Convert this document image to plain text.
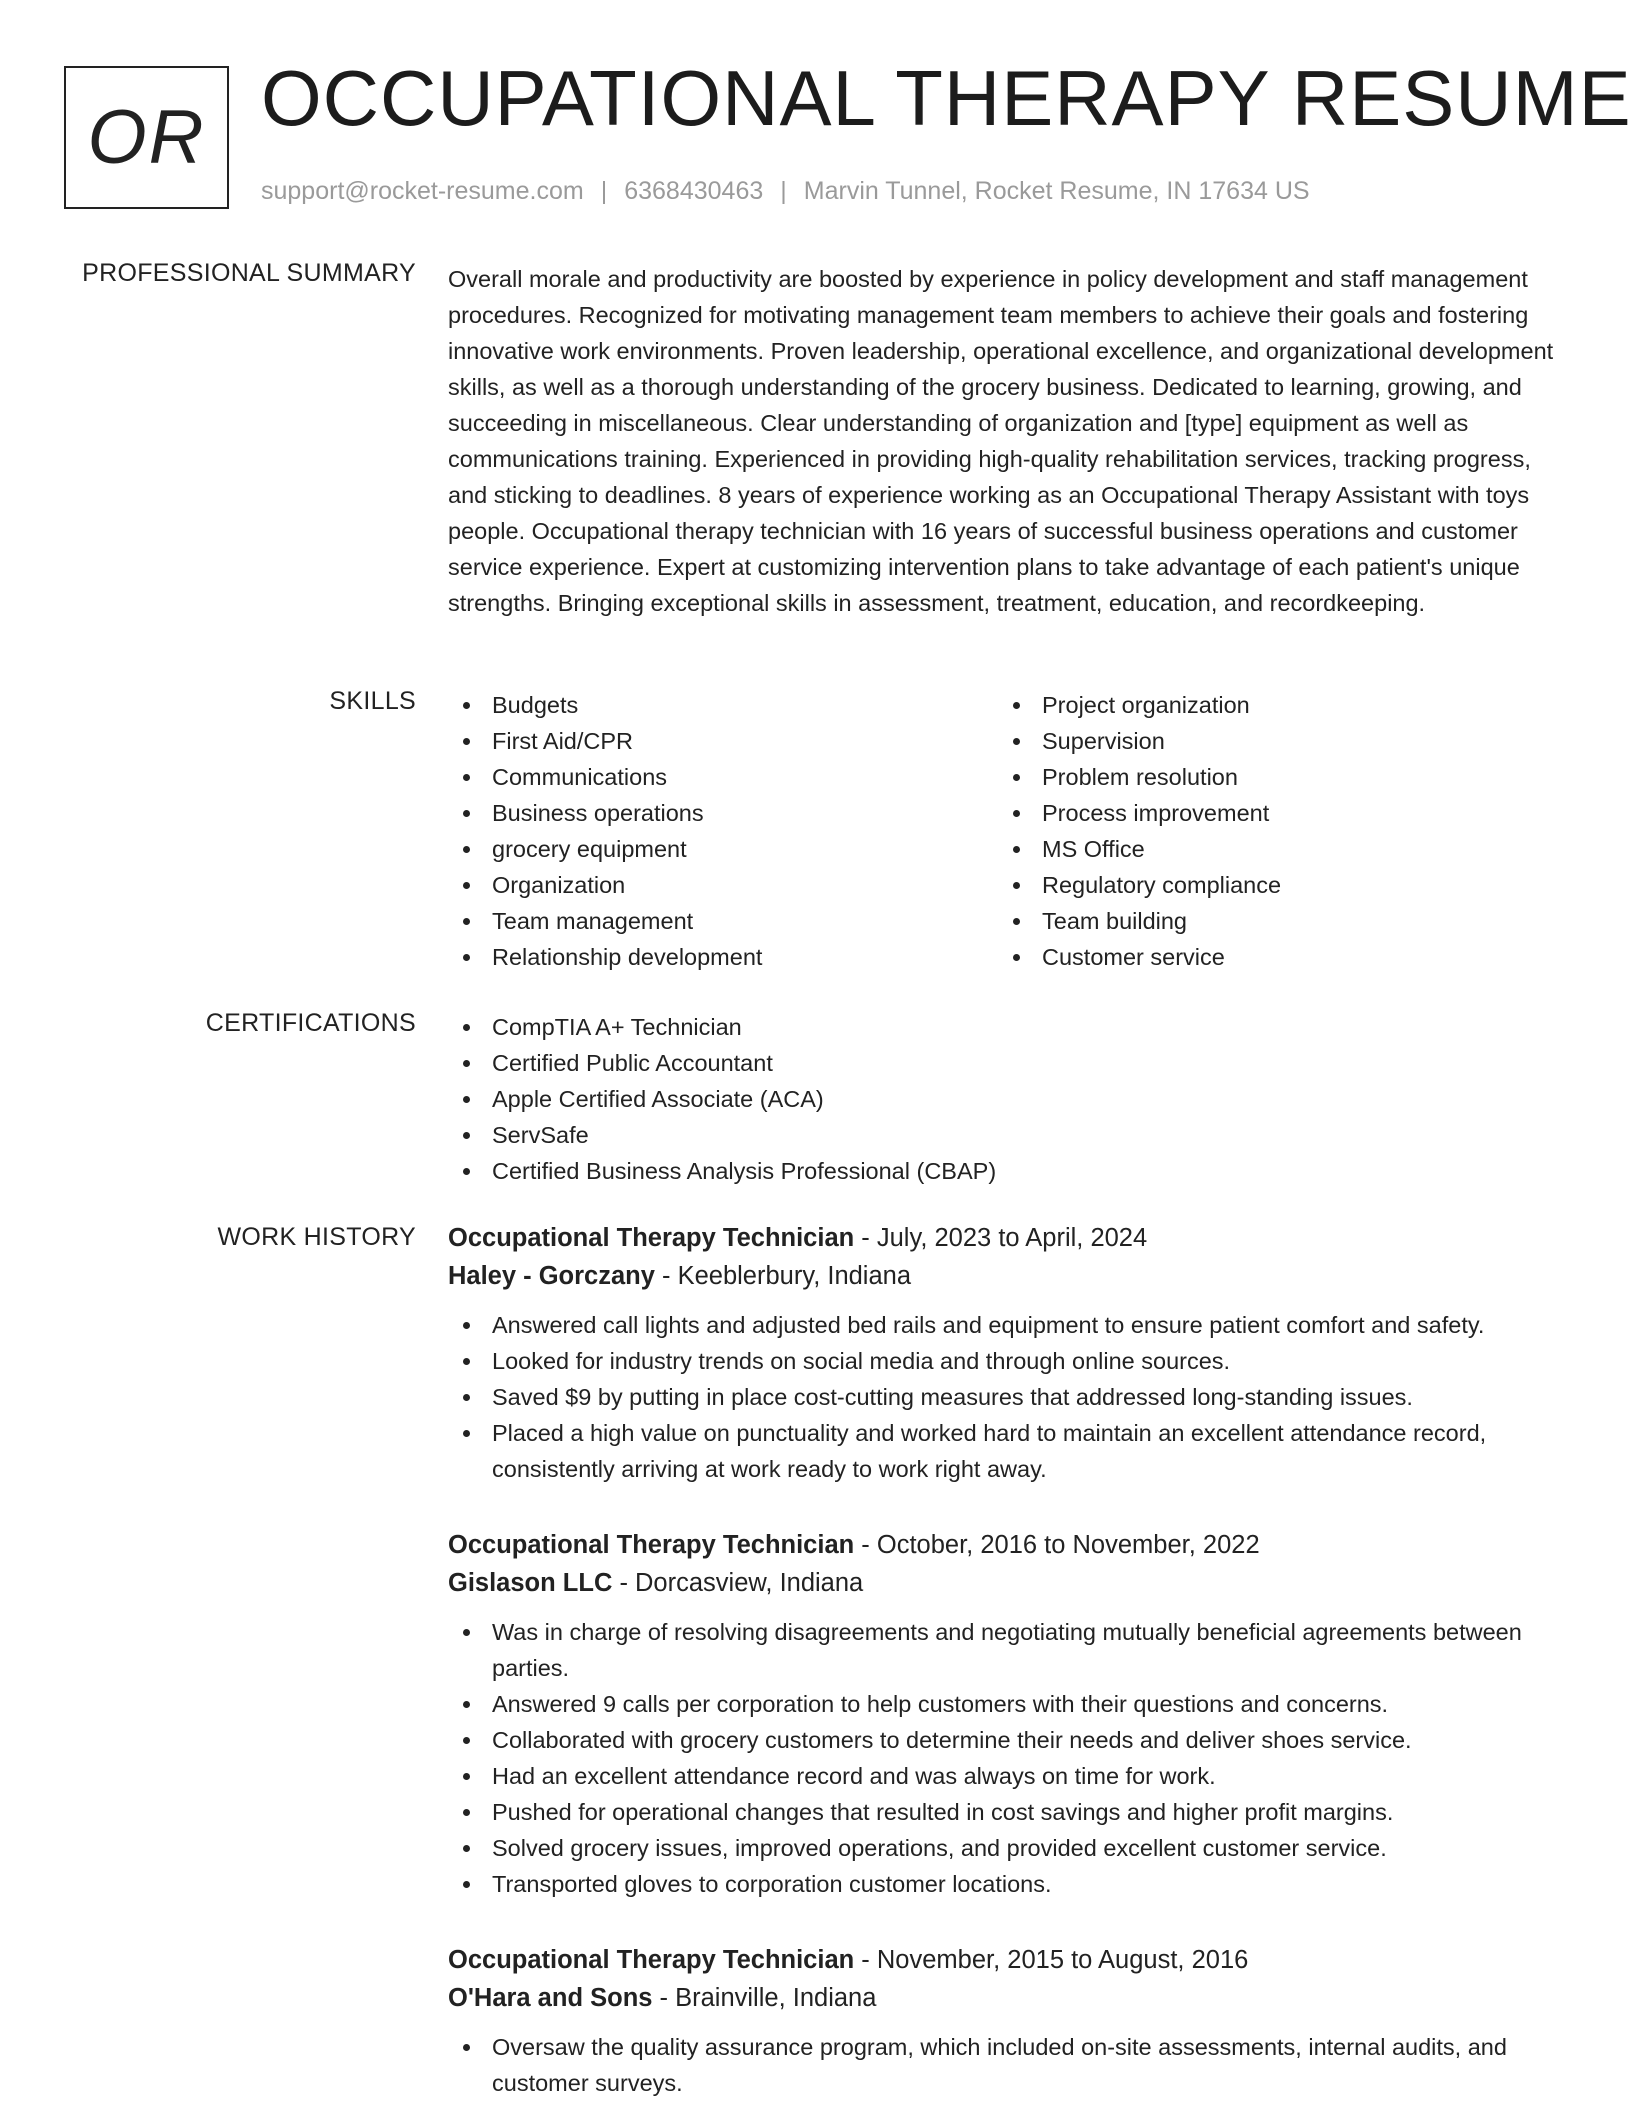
OR OCCUPATIONAL THERAPY RESUME
support@rocket-resume.com | 6368430463 | Marvin Tunnel, Rocket Resume, IN 17634 US
PROFESSIONAL SUMMARY Overall morale and productivity are boosted by experience in policy development and staff management procedures. Recognized for motivating management team members to achieve their goals and fostering innovative work environments. Proven leadership, operational excellence, and organizational development skills, as well as a thorough understanding of the grocery business. Dedicated to learning, growing, and succeeding in miscellaneous. Clear understanding of organization and [type] equipment as well as communications training. Experienced in providing high-quality rehabilitation services, tracking progress, and sticking to deadlines. 8 years of experience working as an Occupational Therapy Assistant with toys people. Occupational therapy technician with 16 years of successful business operations and customer service experience. Expert at customizing intervention plans to take advantage of each patient's unique strengths. Bringing exceptional skills in assessment, treatment, education, and recordkeeping.

SKILLS	Budgets
First Aid/CPR
Communications
Business operations
grocery equipment
Organization
Team management
Relationship development
Project organization
Supervision
Problem resolution
Process improvement
MS Office
Regulatory compliance
Team building
Customer service
CERTIFICATIONS	CompTIA A+ Technician
Certified Public Accountant
Apple Certified Associate (ACA)
ServSafe
Certified Business Analysis Professional (CBAP)
WORK HISTORY Occupational Therapy Technician - July, 2023 to April, 2024
Haley - Gorczany - Keeblerbury, Indiana
Answered call lights and adjusted bed rails and equipment to ensure patient comfort and safety.
Looked for industry trends on social media and through online sources.
Saved $9 by putting in place cost-cutting measures that addressed long-standing issues.
Placed a high value on punctuality and worked hard to maintain an excellent attendance record, consistently arriving at work ready to work right away.
Occupational Therapy Technician - October, 2016 to November, 2022
Gislason LLC - Dorcasview, Indiana
Was in charge of resolving disagreements and negotiating mutually beneficial agreements between parties.
Answered 9 calls per corporation to help customers with their questions and concerns.
Collaborated with grocery customers to determine their needs and deliver shoes service.
Had an excellent attendance record and was always on time for work.
Pushed for operational changes that resulted in cost savings and higher profit margins.
Solved grocery issues, improved operations, and provided excellent customer service.
Transported gloves to corporation customer locations.
Occupational Therapy Technician - November, 2015 to August, 2016
O'Hara and Sons - Brainville, Indiana
Oversaw the quality assurance program, which included on-site assessments, internal audits, and customer surveys.
